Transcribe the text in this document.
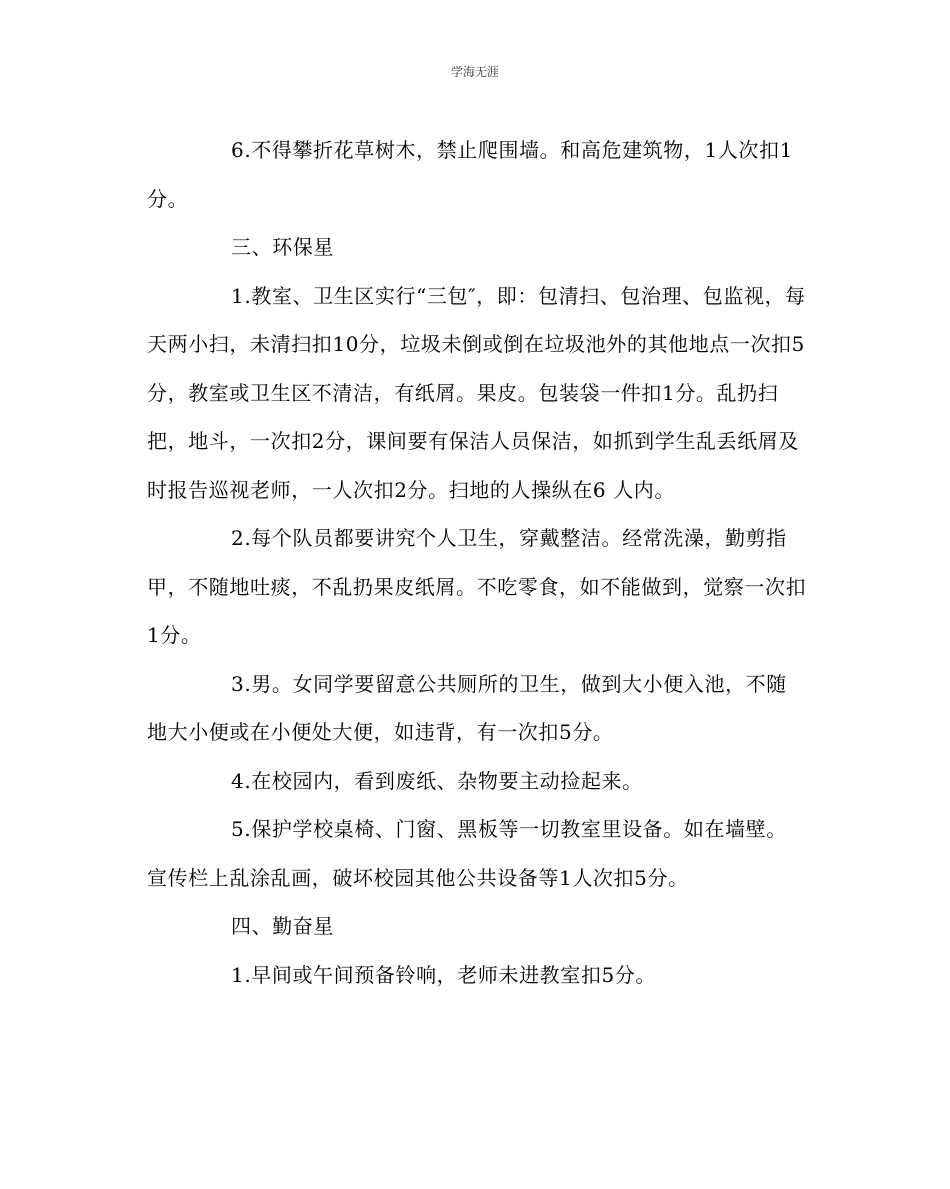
学海无涯

6.不得攀折花草树木，禁止爬围墙。和高危建筑物，1人次扣1分。

三、环保星

1.教室、卫生区实行“三包″，即：包清扫、包治理、包监视，每天两小扫，未清扫扣10分，垃圾未倒或倒在垃圾池外的其他地点一次扣5分，教室或卫生区不清洁，有纸屑。果皮。包装袋一件扣1分。乱扔扫把，地斗，一次扣2分，课间要有保洁人员保洁，如抓到学生乱丢纸屑及时报告巡视老师，一人次扣2分。扫地的人操纵在6 人内。

2.每个队员都要讲究个人卫生，穿戴整洁。经常洗澡，勤剪指甲，不随地吐痰，不乱扔果皮纸屑。不吃零食，如不能做到，觉察一次扣1分。

3.男。女同学要留意公共厕所的卫生，做到大小便入池，不随地大小便或在小便处大便，如违背，有一次扣5分。

4.在校园内，看到废纸、杂物要主动捡起来。

5.保护学校桌椅、门窗、黑板等一切教室里设备。如在墙壁。宣传栏上乱涂乱画，破坏校园其他公共设备等1人次扣5分。

四、勤奋星

1.早间或午间预备铃响，老师未进教室扣5分。
